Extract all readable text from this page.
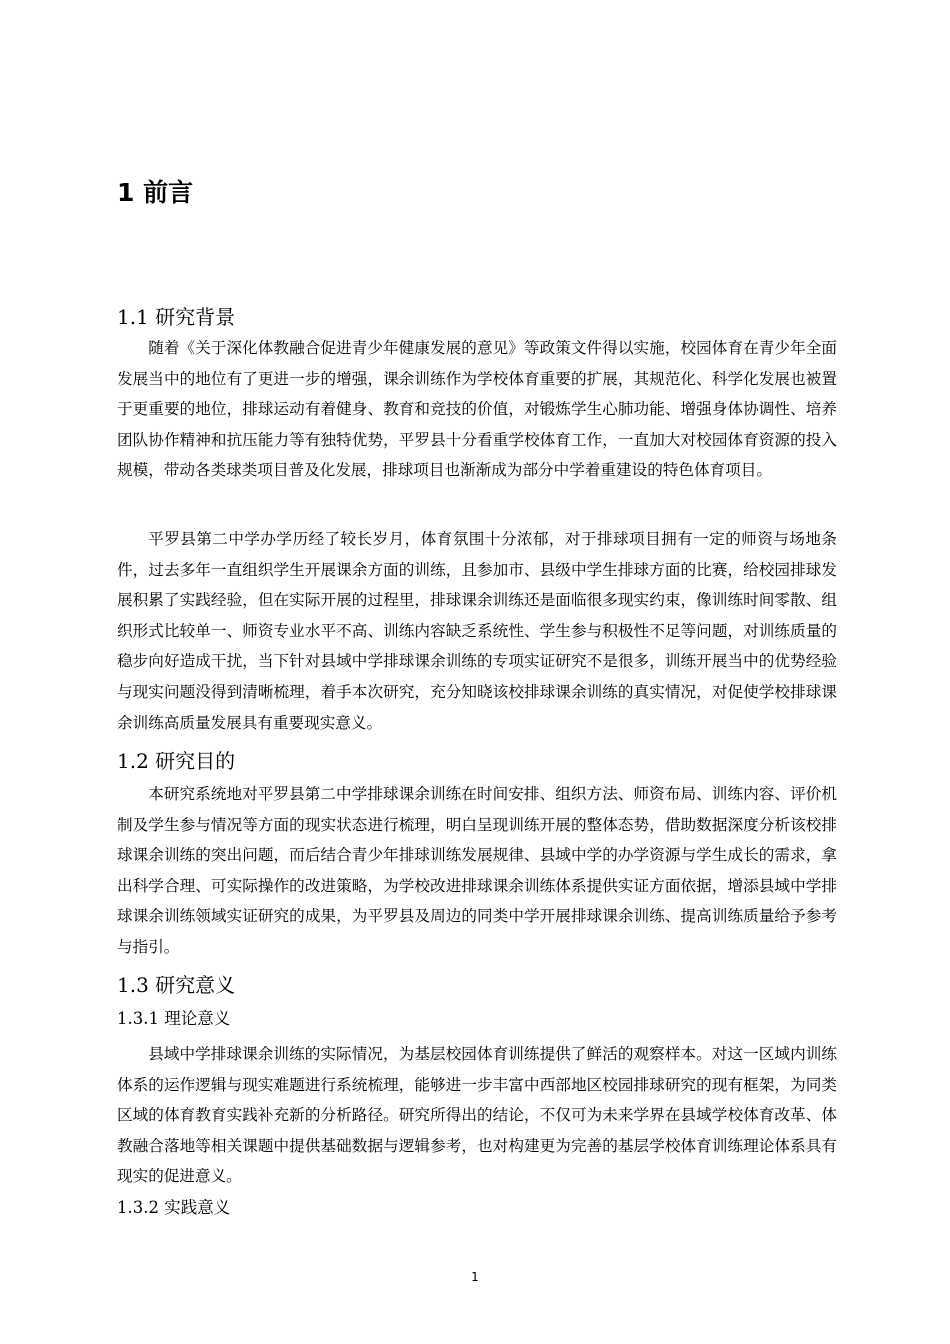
1 前言
1.1 研究背景

随着《关于深化体教融合促进青少年健康发展的意见》等政策文件得以实施，校园体育在青少年全面发展当中的地位有了更进一步的增强，课余训练作为学校体育重要的扩展，其规范化、科学化发展也被置于更重要的地位，排球运动有着健身、教育和竞技的价值，对锻炼学生心肺功能、增强身体协调性、培养团队协作精神和抗压能力等有独特优势，平罗县十分看重学校体育工作，一直加大对校园体育资源的投入规模，带动各类球类项目普及化发展，排球项目也渐渐成为部分中学着重建设的特色体育项目。

平罗县第二中学办学历经了较长岁月，体育氛围十分浓郁，对于排球项目拥有一定的师资与场地条件，过去多年一直组织学生开展课余方面的训练，且参加市、县级中学生排球方面的比赛，给校园排球发展积累了实践经验，但在实际开展的过程里，排球课余训练还是面临很多现实约束，像训练时间零散、组织形式比较单一、师资专业水平不高、训练内容缺乏系统性、学生参与积极性不足等问题，对训练质量的稳步向好造成干扰，当下针对县域中学排球课余训练的专项实证研究不是很多，训练开展当中的优势经验与现实问题没得到清晰梳理，着手本次研究，充分知晓该校排球课余训练的真实情况，对促使学校排球课余训练高质量发展具有重要现实意义。

1.2 研究目的

本研究系统地对平罗县第二中学排球课余训练在时间安排、组织方法、师资布局、训练内容、评价机制及学生参与情况等方面的现实状态进行梳理，明白呈现训练开展的整体态势，借助数据深度分析该校排球课余训练的突出问题，而后结合青少年排球训练发展规律、县域中学的办学资源与学生成长的需求，拿出科学合理、可实际操作的改进策略，为学校改进排球课余训练体系提供实证方面依据，增添县域中学排球课余训练领域实证研究的成果，为平罗县及周边的同类中学开展排球课余训练、提高训练质量给予参考与指引。

1.3 研究意义
1.3.1 理论意义

县域中学排球课余训练的实际情况，为基层校园体育训练提供了鲜活的观察样本。对这一区域内训练体系的运作逻辑与现实难题进行系统梳理，能够进一步丰富中西部地区校园排球研究的现有框架，为同类区域的体育教育实践补充新的分析路径。研究所得出的结论，不仅可为未来学界在县域学校体育改革、体教融合落地等相关课题中提供基础数据与逻辑参考，也对构建更为完善的基层学校体育训练理论体系具有现实的促进意义。

1.3.2 实践意义
1
